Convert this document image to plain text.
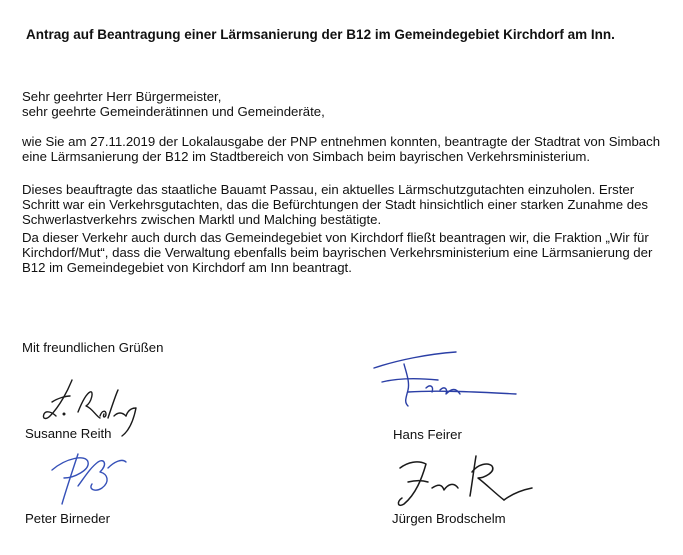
Antrag auf Beantragung einer Lärmsanierung der B12 im Gemeindegebiet Kirchdorf am Inn.

Sehr geehrter Herr Bürgermeister,

sehr geehrte Gemeinderätinnen und Gemeinderäte,

wie Sie am 27.11.2019 der Lokalausgabe der PNP entnehmen konnten, beantragte der Stadtrat von Simbach eine Lärmsanierung der B12 im Stadtbereich von Simbach beim bayrischen Verkehrsministerium.

Dieses beauftragte das staatliche Bauamt Passau, ein aktuelles Lärmschutzgutachten einzuholen. Erster Schritt war ein Verkehrsgutachten, das die Befürchtungen der Stadt hinsichtlich einer starken Zunahme des Schwerlastverkehrs zwischen Marktl und Malching bestätigte.

Da dieser Verkehr auch durch das Gemeindegebiet von Kirchdorf fließt beantragen wir, die Fraktion „Wir für Kirchdorf/Mut“, dass die Verwaltung ebenfalls beim bayrischen Verkehrsministerium eine Lärmsanierung der B12 im Gemeindegebiet von Kirchdorf am Inn beantragt.

Mit freundlichen Grüßen

Susanne Reith	Hans Feirer
Peter Birneder	Jürgen Brodschelm
